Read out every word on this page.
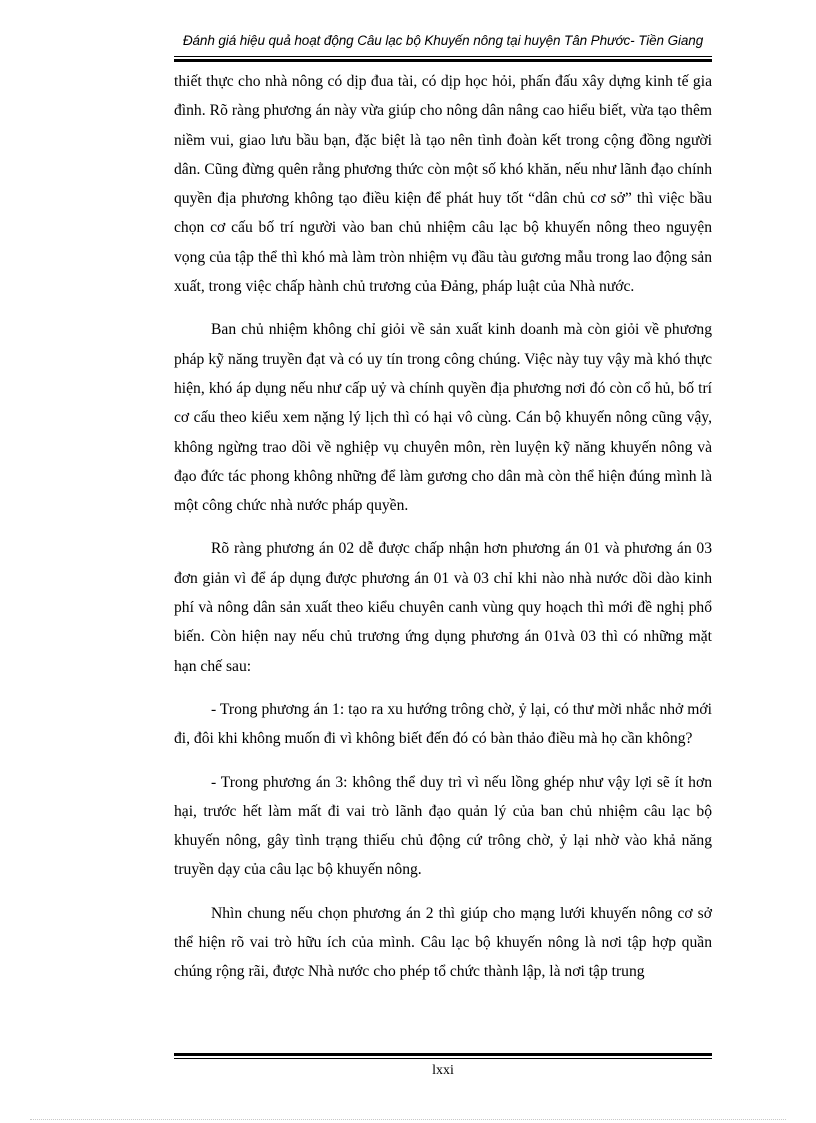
Đánh giá hiệu quả hoạt động Câu lạc bộ Khuyến nông tại huyện Tân Phước- Tiền Giang

thiết thực cho nhà nông có dịp đua tài, có dịp học hỏi, phấn đấu xây dựng kinh tế gia đình. Rõ ràng phương án này vừa giúp cho nông dân nâng cao hiểu biết, vừa tạo thêm niềm vui, giao lưu bầu bạn, đặc biệt là tạo nên tình đoàn kết trong cộng đồng người dân. Cũng đừng quên rằng phương thức còn một số khó khăn, nếu như lãnh đạo chính quyền địa phương không tạo điều kiện để phát huy tốt “dân chủ cơ sở” thì việc bầu chọn cơ cấu bố trí người vào ban chủ nhiệm câu lạc bộ khuyến nông theo nguyện vọng của tập thể thì khó mà làm tròn nhiệm vụ đầu tàu gương mẫu trong lao động sản xuất, trong việc chấp hành chủ trương của Đảng, pháp luật của Nhà nước.

Ban chủ nhiệm không chỉ giỏi về sản xuất kinh doanh mà còn giỏi về phương pháp kỹ năng truyền đạt và có uy tín trong công chúng. Việc này tuy vậy mà khó thực hiện, khó áp dụng nếu như cấp uỷ và chính quyền địa phương nơi đó còn cổ hủ, bố trí cơ cấu theo kiểu xem nặng lý lịch thì có hại vô cùng. Cán bộ khuyến nông cũng vậy, không ngừng trao dồi về nghiệp vụ chuyên môn, rèn luyện kỹ năng khuyến nông và đạo đức tác phong không những để làm gương cho dân mà còn thể hiện đúng mình là một công chức nhà nước pháp quyền.

Rõ ràng phương án 02 dễ được chấp nhận hơn phương án 01 và phương án 03 đơn giản vì để áp dụng được phương án 01 và 03 chỉ khi nào nhà nước dồi dào kinh phí và nông dân sản xuất theo kiểu chuyên canh vùng quy hoạch thì mới đề nghị phổ biến. Còn hiện nay nếu chủ trương ứng dụng phương án 01và 03 thì có những mặt hạn chế sau:

- Trong phương án 1: tạo ra xu hướng trông chờ, ỷ lại, có thư mời nhắc nhở mới đi, đôi khi không muốn đi vì không biết đến đó có bàn thảo điều mà họ cần không?

- Trong phương án 3: không thể duy trì vì nếu lồng ghép như vậy lợi sẽ ít hơn hại, trước hết làm mất đi vai trò lãnh đạo quản lý của ban chủ nhiệm câu lạc bộ khuyến nông, gây tình trạng thiếu chủ động cứ trông chờ, ỷ lại nhờ vào khả năng truyền dạy của câu lạc bộ khuyến nông.

Nhìn chung nếu chọn phương án 2 thì giúp cho mạng lưới khuyến nông cơ sở thể hiện rõ vai trò hữu ích của mình. Câu lạc bộ khuyến nông là nơi tập hợp quần chúng rộng rãi, được Nhà nước cho phép tổ chức thành lập, là nơi tập trung

lxxi
